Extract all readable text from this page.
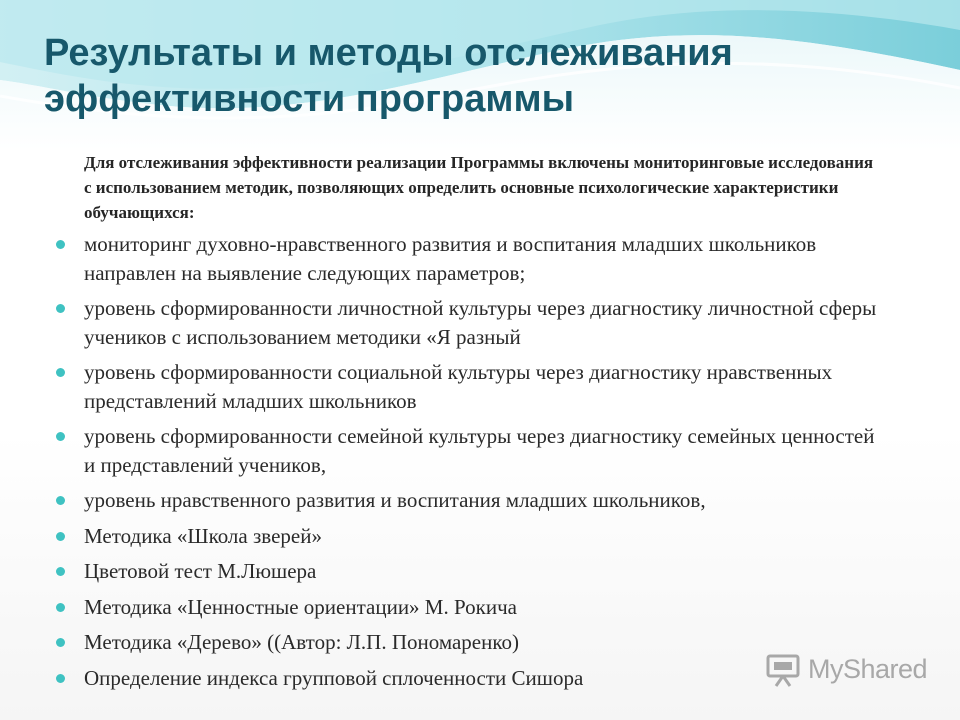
Результаты и методы отслеживания эффективности программы

Для отслеживания эффективности реализации Программы включены мониторинговые исследования с использованием методик, позволяющих определить основные психологические характеристики обучающихся:

мониторинг духовно-нравственного развития и воспитания младших школьников направлен на выявление следующих параметров;
уровень сформированности личностной культуры через диагностику личностной сферы учеников с использованием методики «Я разный
уровень сформированности социальной культуры через диагностику нравственных представлений младших школьников
уровень сформированности семейной культуры через диагностику семейных ценностей и представлений учеников,
уровень нравственного развития и воспитания младших школьников,
Методика «Школа зверей»
Цветовой тест М.Люшера
Методика «Ценностные ориентации» М. Рокича
Методика «Дерево» ((Автор: Л.П. Пономаренко)
Определение индекса групповой сплоченности Сишора	MyShared
